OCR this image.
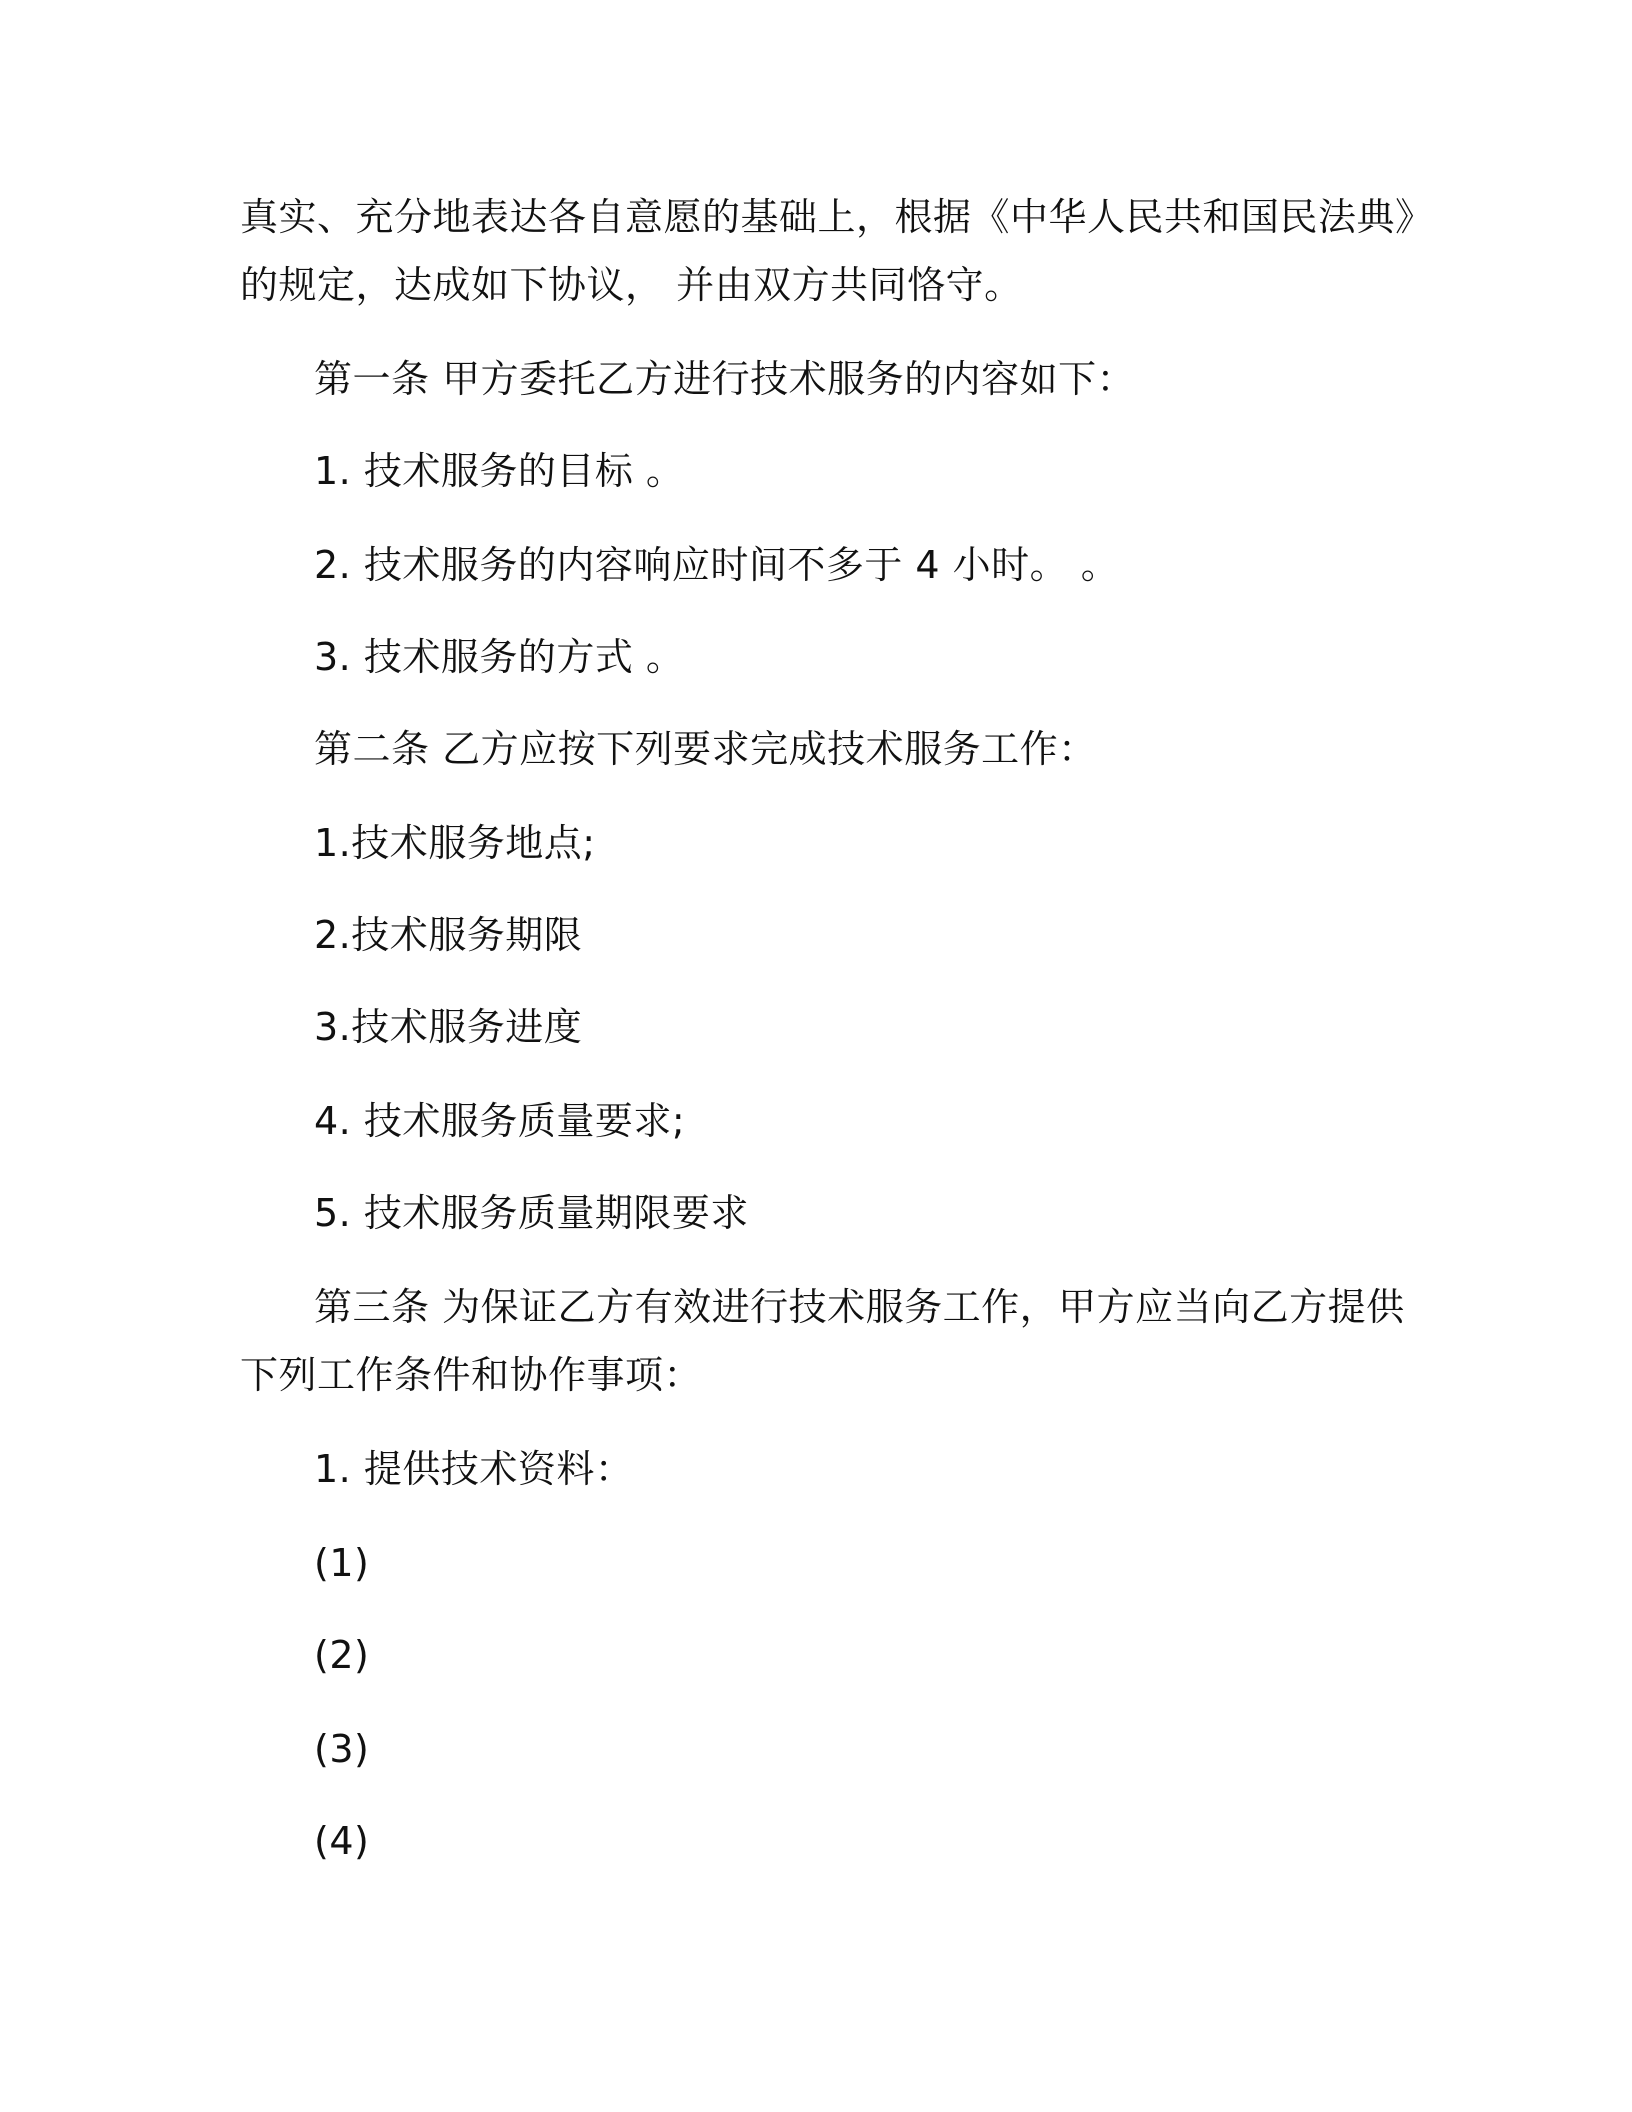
真实、充分地表达各自意愿的基础上，根据《中华人民共和国民法典》
的规定，达成如下协议， 并由双方共同恪守。
第一条 甲方委托乙方进行技术服务的内容如下：
1. 技术服务的目标 。
2. 技术服务的内容响应时间不多于 4 小时。 。
3. 技术服务的方式 。
第二条 乙方应按下列要求完成技术服务工作：
1.技术服务地点;
2.技术服务期限
3.技术服务进度
4. 技术服务质量要求;
5. 技术服务质量期限要求
第三条 为保证乙方有效进行技术服务工作，甲方应当向乙方提供
下列工作条件和协作事项：
1. 提供技术资料：
(1)
(2)
(3)
(4)
